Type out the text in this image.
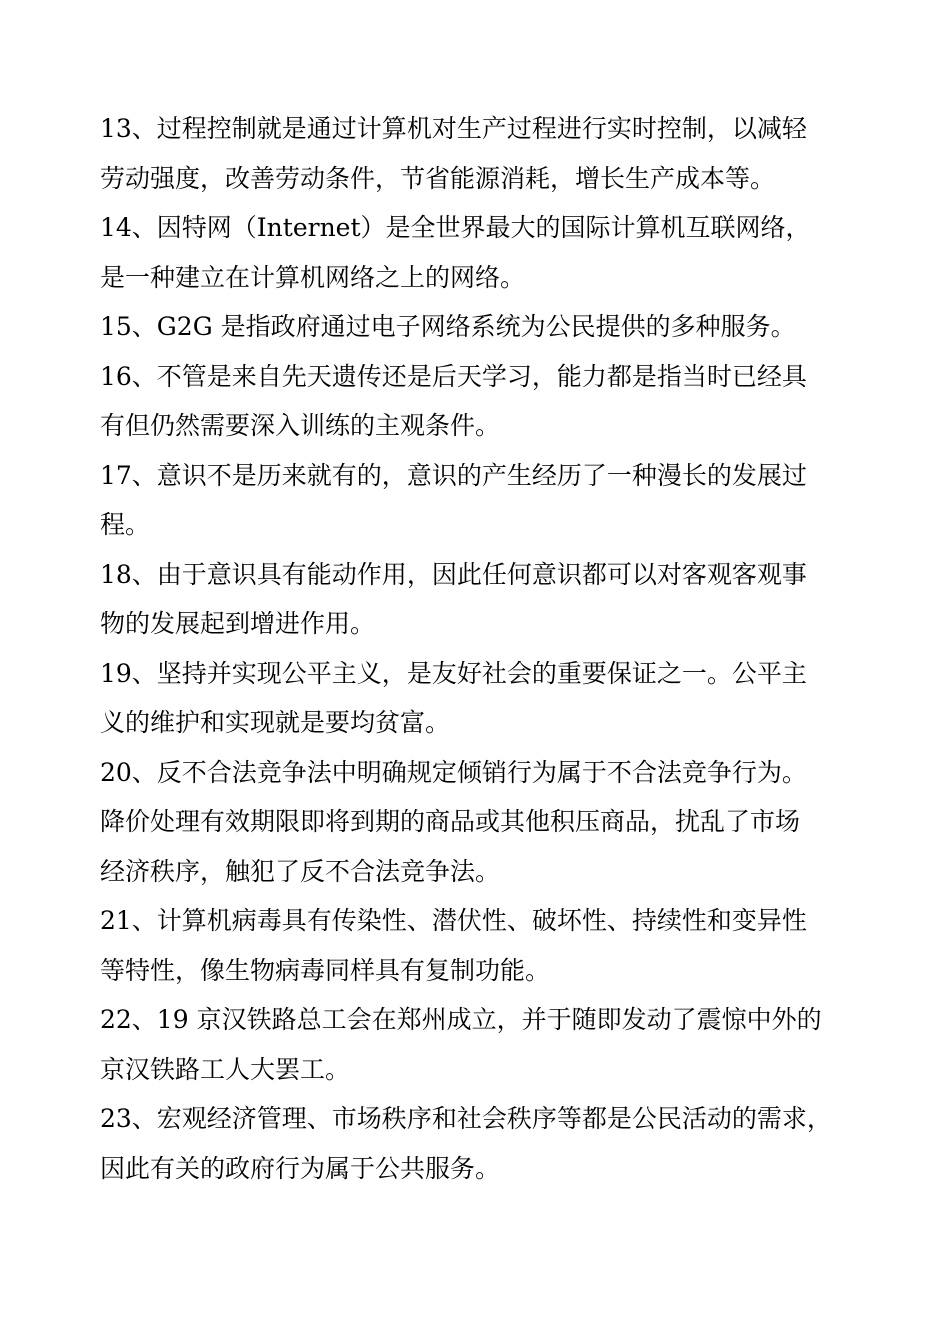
13、过程控制就是通过计算机对生产过程进行实时控制，以减轻
劳动强度，改善劳动条件，节省能源消耗，增长生产成本等。

14、因特网（Internet）是全世界最大的国际计算机互联网络，
是一种建立在计算机网络之上的网络。

15、G2G 是指政府通过电子网络系统为公民提供的多种服务。

16、不管是来自先天遗传还是后天学习，能力都是指当时已经具
有但仍然需要深入训练的主观条件。

17、意识不是历来就有的，意识的产生经历了一种漫长的发展过
程。

18、由于意识具有能动作用，因此任何意识都可以对客观客观事
物的发展起到增进作用。

19、坚持并实现公平主义，是友好社会的重要保证之一。公平主
义的维护和实现就是要均贫富。

20、反不合法竞争法中明确规定倾销行为属于不合法竞争行为。
降价处理有效期限即将到期的商品或其他积压商品，扰乱了市场
经济秩序，触犯了反不合法竞争法。

21、计算机病毒具有传染性、潜伏性、破坏性、持续性和变异性
等特性，像生物病毒同样具有复制功能。

22、19 京汉铁路总工会在郑州成立，并于随即发动了震惊中外的
京汉铁路工人大罢工。

23、宏观经济管理、市场秩序和社会秩序等都是公民活动的需求，
因此有关的政府行为属于公共服务。
